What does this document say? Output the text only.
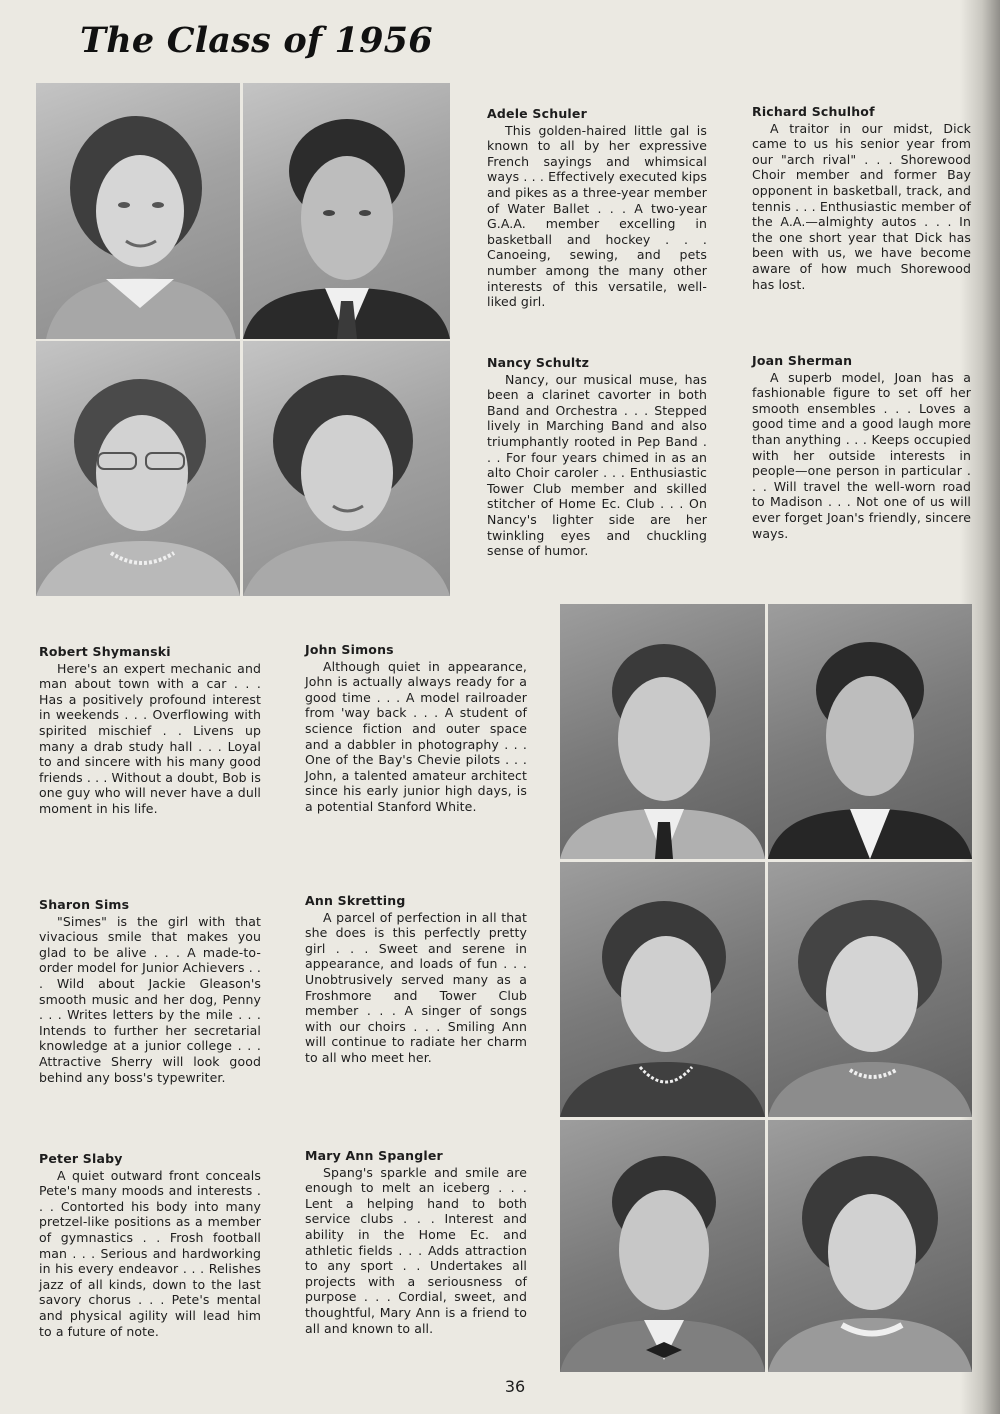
The Class of 1956
Adele Schuler
This golden-haired little gal is known to all by her expressive French sayings and whimsical ways . . . Effectively executed kips and pikes as a three-year member of Water Ballet . . . A two-year G.A.A. member excelling in basketball and hockey . . . Canoeing, sewing, and pets number among the many other interests of this versatile, well-liked girl.
Richard Schulhof
A traitor in our midst, Dick came to us his senior year from our "arch rival" . . . Shorewood Choir member and former Bay opponent in basketball, track, and tennis . . . Enthusiastic member of the A.A.—almighty autos . . . In the one short year that Dick has been with us, we have become aware of how much Shorewood has lost.
Nancy Schultz
Nancy, our musical muse, has been a clarinet cavorter in both Band and Orchestra . . . Stepped lively in Marching Band and also triumphantly rooted in Pep Band . . . For four years chimed in as an alto Choir caroler . . . Enthusiastic Tower Club member and skilled stitcher of Home Ec. Club . . . On Nancy's lighter side are her twinkling eyes and chuckling sense of humor.
Joan Sherman
A superb model, Joan has a fashionable figure to set off her smooth ensembles . . . Loves a good time and a good laugh more than anything . . . Keeps occupied with her outside interests in people—one person in particular . . . Will travel the well-worn road to Madison . . . Not one of us will ever forget Joan's friendly, sincere ways.
Robert Shymanski
Here's an expert mechanic and man about town with a car . . . Has a positively profound interest in weekends . . . Overflowing with spirited mischief . . Livens up many a drab study hall . . . Loyal to and sincere with his many good friends . . . Without a doubt, Bob is one guy who will never have a dull moment in his life.
John Simons
Although quiet in appearance, John is actually always ready for a good time . . . A model railroader from 'way back . . . A student of science fiction and outer space and a dabbler in photography . . . One of the Bay's Chevie pilots . . . John, a talented amateur architect since his early junior high days, is a potential Stanford White.
Sharon Sims
"Simes" is the girl with that vivacious smile that makes you glad to be alive . . . A made-to-order model for Junior Achievers . . . Wild about Jackie Gleason's smooth music and her dog, Penny . . . Writes letters by the mile . . . Intends to further her secretarial knowledge at a junior college . . . Attractive Sherry will look good behind any boss's typewriter.
Ann Skretting
A parcel of perfection in all that she does is this perfectly pretty girl . . . Sweet and serene in appearance, and loads of fun . . . Unobtrusively served many as a Froshmore and Tower Club member . . . A singer of songs with our choirs . . . Smiling Ann will continue to radiate her charm to all who meet her.
Peter Slaby
A quiet outward front conceals Pete's many moods and interests . . . Contorted his body into many pretzel-like positions as a member of gymnastics . . Frosh football man . . . Serious and hardworking in his every endeavor . . . Relishes jazz of all kinds, down to the last savory chorus . . . Pete's mental and physical agility will lead him to a future of note.
Mary Ann Spangler
Spang's sparkle and smile are enough to melt an iceberg . . . Lent a helping hand to both service clubs . . . Interest and ability in the Home Ec. and athletic fields . . . Adds attraction to any sport . . Undertakes all projects with a seriousness of purpose . . . Cordial, sweet, and thoughtful, Mary Ann is a friend to all and known to all.
36
